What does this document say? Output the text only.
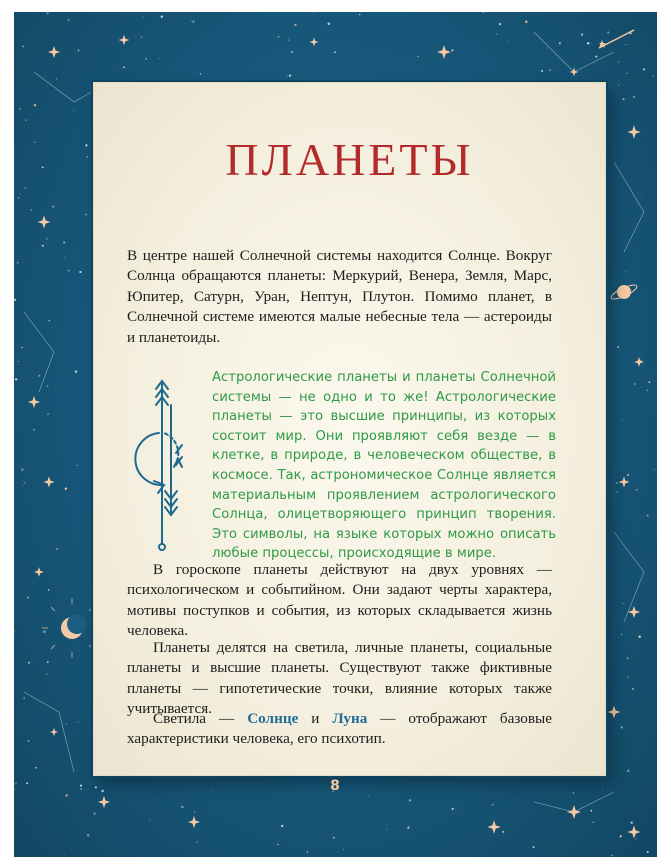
ПЛАНЕТЫ

В центре нашей Солнечной системы находится Солнце. Вокруг Солнца обращаются планеты: Меркурий, Венера, Земля, Марс, Юпитер, Сатурн, Уран, Нептун, Плутон. Помимо планет, в Солнечной системе имеются малые небесные тела — астероиды и планетоиды.

Астрологические планеты и планеты Солнечной системы — не одно и то же! Астрологические планеты — это высшие принципы, из которых состоит мир. Они проявляют себя везде — в клетке, в природе, в человеческом обществе, в космосе. Так, астрономическое Солнце является материальным проявлением астрологического Солнца, олицетворяющего принцип творения. Это символы, на языке которых можно описать любые процессы, происходящие в мире.

В гороскопе планеты действуют на двух уровнях — психологическом и событийном. Они задают черты характера, мотивы поступков и события, из которых складывается жизнь человека.

Планеты делятся на светила, личные планеты, социальные планеты и высшие планеты. Существуют также фиктивные планеты — гипотетические точки, влияние которых также учитывается.

Светила — Солнце и Луна — отображают базовые характеристики человека, его психотип.

8
